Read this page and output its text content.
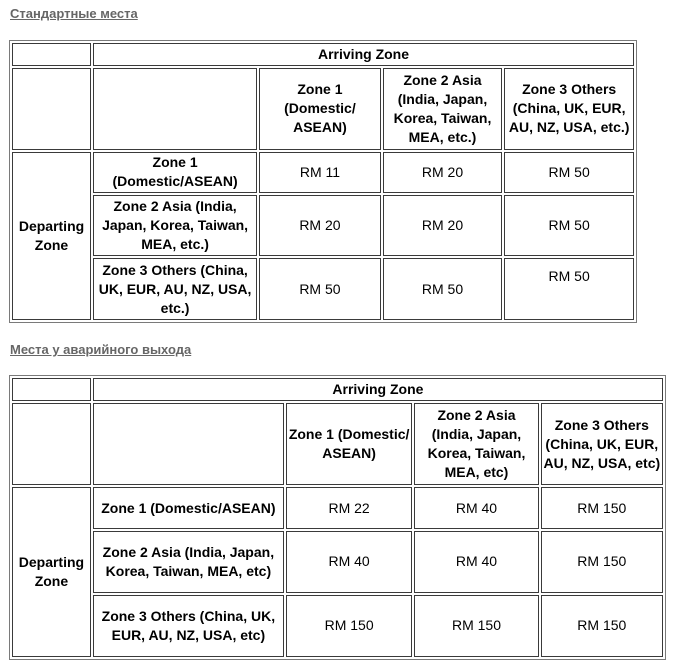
Стандартные места
	Arriving Zone			
		Zone 1 (Domestic/ ASEAN)	Zone 2 Asia (India, Japan, Korea, Taiwan, MEA, etc.)	Zone 3 Others (China, UK, EUR, AU, NZ, USA, etc.)
Departing Zone	Zone 1 (Domestic/ASEAN)	RM 11	RM 20	RM 50
	Zone 2 Asia (India, Japan, Korea, Taiwan, MEA, etc.)	RM 20	RM 20	RM 50
	Zone 3 Others (China, UK, EUR, AU, NZ, USA, etc.)	RM 50	RM 50	RM 50
Места у аварийного выхода
	Arriving Zone			
		Zone 1 (Domestic/ ASEAN)	Zone 2 Asia (India, Japan, Korea, Taiwan, MEA, etc)	Zone 3 Others (China, UK, EUR, AU, NZ, USA, etc)
Departing Zone	Zone 1 (Domestic/ASEAN)	RM 22	RM 40	RM 150
	Zone 2 Asia (India, Japan, Korea, Taiwan, MEA, etc)	RM 40	RM 40	RM 150
	Zone 3 Others (China, UK, EUR, AU, NZ, USA, etc)	RM 150	RM 150	RM 150
